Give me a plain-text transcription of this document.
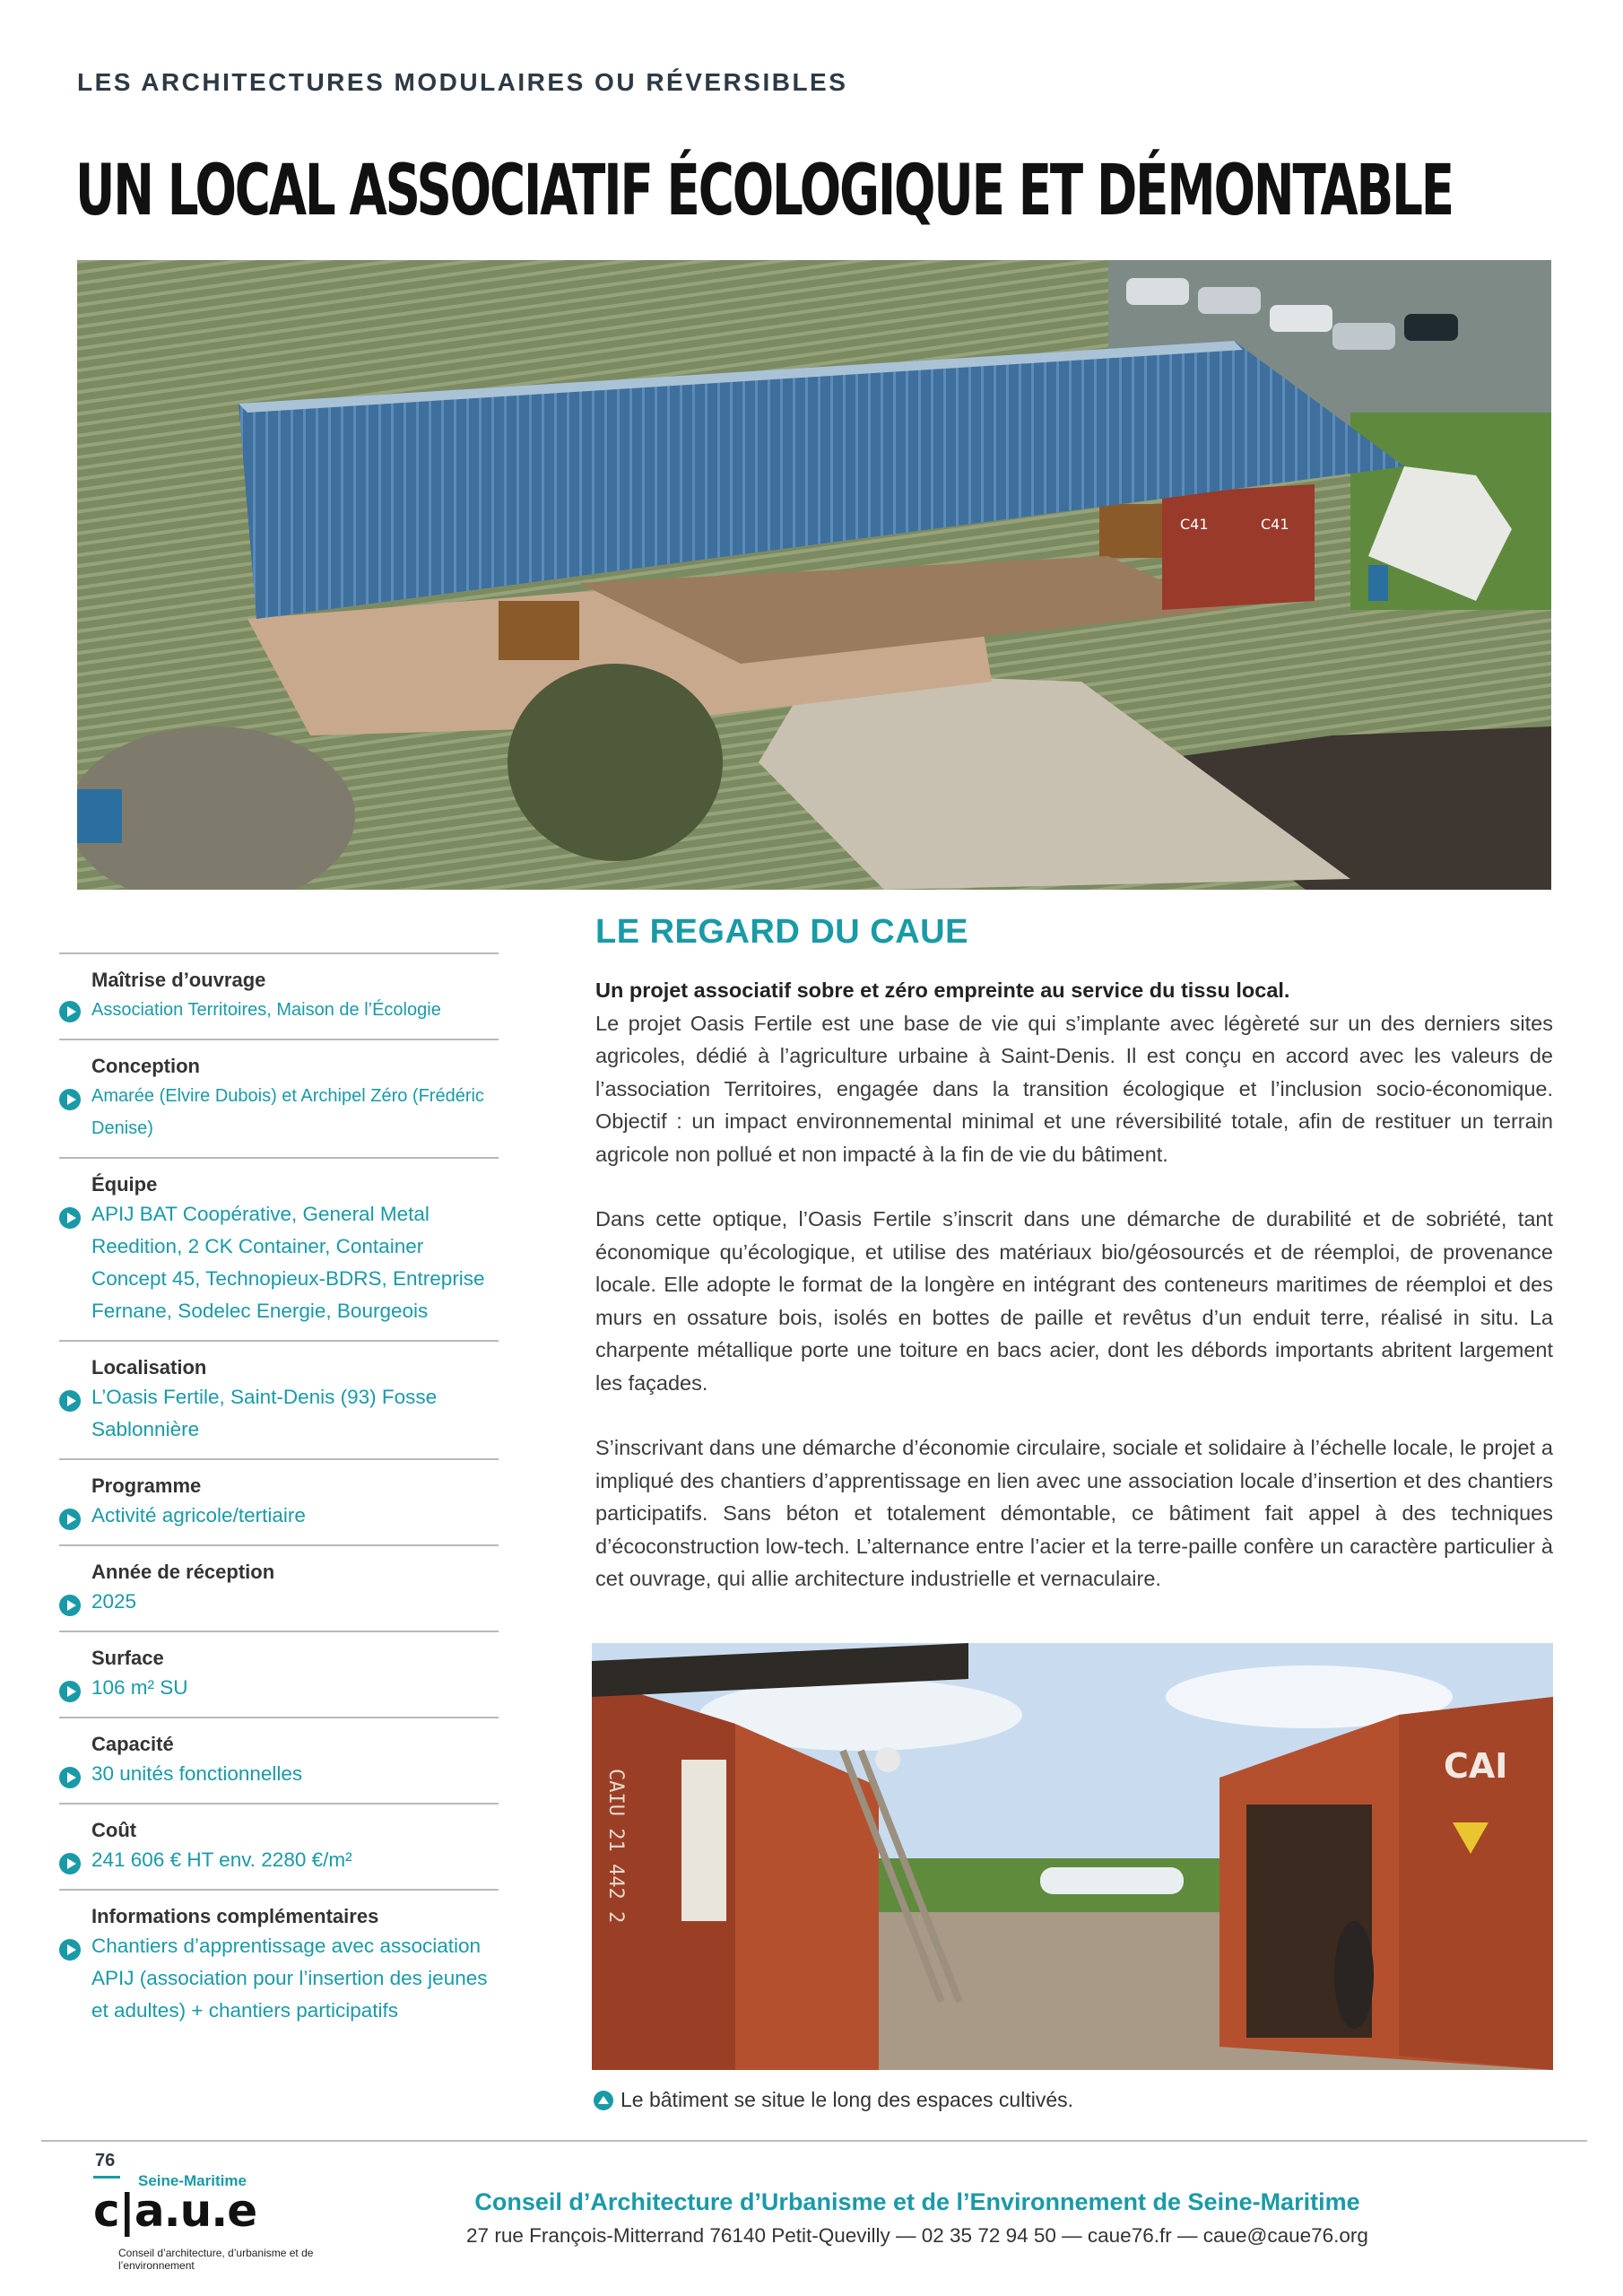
LES ARCHITECTURES MODULAIRES OU RÉVERSIBLES
UN LOCAL ASSOCIATIF ÉCOLOGIQUE ET DÉMONTABLE
C41	C41
Maîtrise d’ouvrage
Association Territoires, Maison de l’Écologie
Conception
Amarée (Elvire Dubois) et Archipel Zéro (Frédéric Denise)
Équipe
APIJ BAT Coopérative, General Metal Reedition, 2 CK Container, Container Concept 45, Technopieux-BDRS, Entreprise Fernane, Sodelec Energie, Bourgeois
Localisation
L’Oasis Fertile, Saint-Denis (93) Fosse Sablonnière
Programme
Activité agricole/tertiaire
Année de réception
2025
Surface
106 m² SU
Capacité
30 unités fonctionnelles
Coût
241 606 € HT env. 2280 €/m²
Informations complémentaires
Chantiers d’apprentissage avec association APIJ (association pour l’insertion des jeunes et adultes) + chantiers participatifs
LE REGARD DU CAUE

Un projet associatif sobre et zéro empreinte au service du tissu local.
Le projet Oasis Fertile est une base de vie qui s’implante avec légèreté sur un des derniers sites agricoles, dédié à l’agriculture urbaine à Saint-Denis. Il est conçu en accord avec les valeurs de l’association Territoires, engagée dans la transition écologique et l’inclusion socio-économique. Objectif : un impact environnemental minimal et une réversibilité totale, afin de restituer un terrain agricole non pollué et non impacté à la fin de vie du bâtiment.

Dans cette optique, l’Oasis Fertile s’inscrit dans une démarche de durabilité et de sobriété, tant économique qu’écologique, et utilise des matériaux bio/géosourcés et de réemploi, de provenance locale. Elle adopte le format de la longère en intégrant des conteneurs maritimes de réemploi et des murs en ossature bois, isolés en bottes de paille et revêtus d’un enduit terre, réalisé in situ. La charpente métallique porte une toiture en bacs acier, dont les débords importants abritent largement les façades.

S’inscrivant dans une démarche d’économie circulaire, sociale et solidaire à l’échelle locale, le projet a impliqué des chantiers d’apprentissage en lien avec une association locale d’insertion et des chantiers participatifs. Sans béton et totalement démontable, ce bâtiment fait appel à des techniques d’écoconstruction low-tech. L’alternance entre l’acier et la terre-paille confère un caractère particulier à cet ouvrage, qui allie architecture industrielle et vernaculaire.

CAIU 21 442 2
CAI
Le bâtiment se situe le long des espaces cultivés.
76
Seine-Maritime
c|a.u.e
Conseil d’architecture, d’urbanisme et de l’environnement
Conseil d’Architecture d’Urbanisme et de l’Environnement de Seine-Maritime
27 rue François-Mitterrand 76140 Petit-Quevilly — 02 35 72 94 50 — caue76.fr — caue@caue76.org
